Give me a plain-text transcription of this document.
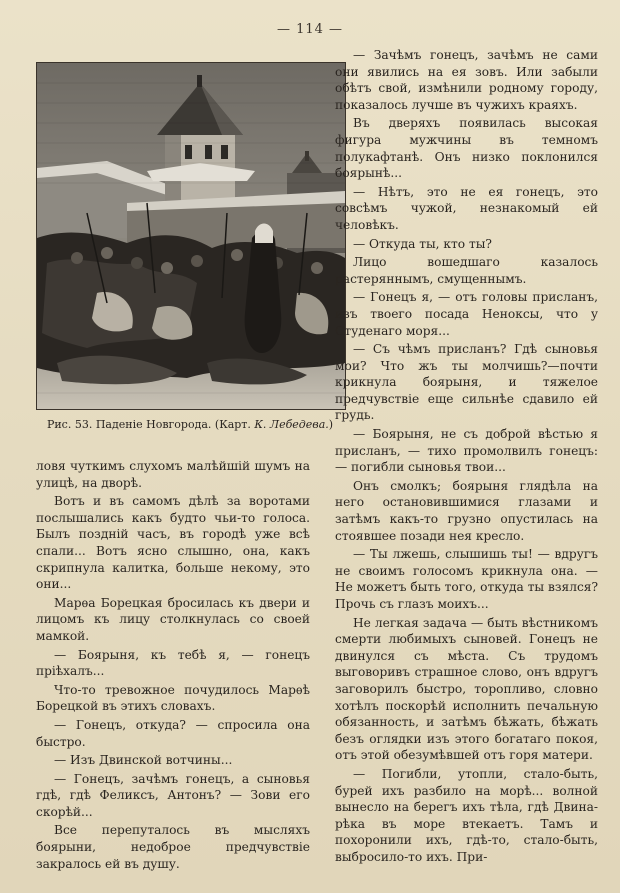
— 114 —
Рис. 53. Паденіе Новгорода. (Карт. К. Лебедева.)

— Зачѣмъ гонецъ, зачѣмъ не сами они явились на ея зовъ. Или забыли обѣтъ свой, измѣнили родному городу, показалось лучше въ чужихъ краяхъ.

Въ дверяхъ появилась высокая фигура мужчины въ темномъ полукафтанѣ. Онъ низко поклонился боярынѣ...

— Нѣтъ, это не ея гонецъ, это совсѣмъ чужой, незнакомый ей человѣкъ.

— Откуда ты, кто ты?

Лицо вошедшаго казалось растеряннымъ, смущеннымъ.

— Гонецъ я, — отъ головы присланъ, изъ твоего посада Неноксы, что у Студенаго моря...

— Съ чѣмъ присланъ? Гдѣ сыновья мои? Что жъ ты молчишь?—почти крикнула боярыня, и тяжелое предчувствіе еще сильнѣе сдавило ей грудь.

— Боярыня, не съ доброй вѣстью я присланъ, — тихо промолвилъ гонецъ: — погибли сыновья твои...

Онъ смолкъ; боярыня глядѣла на него остановившимися глазами и затѣмъ какъ-то грузно опустилась на стоявшее позади нея кресло.

— Ты лжешь, слышишь ты! — вдругъ не своимъ голосомъ крикнула она. — Не можетъ быть того, откуда ты взялся? Прочь съ глазъ моихъ...

Не легкая задача — быть вѣстникомъ смерти любимыхъ сыновей. Гонецъ не двинулся съ мѣста. Съ трудомъ выговоривъ страшное слово, онъ вдругъ заговорилъ быстро, торопливо, словно хотѣлъ поскорѣй исполнить печальную обязанность, и затѣмъ бѣжать, бѣжать безъ оглядки изъ этого богатаго покоя, отъ этой обезумѣвшей отъ горя матери.

— Погибли, утопли, стало-быть, бурей ихъ разбило на морѣ... волной вынесло на берегъ ихъ тѣла, гдѣ Двина-рѣка въ море втекаетъ. Тамъ и похоронили ихъ, гдѣ-то, стало-быть, выбросило-то ихъ. При-

ловя чуткимъ слухомъ малѣйшій шумъ на улицѣ, на дворѣ.

Вотъ и въ самомъ дѣлѣ за воротами послышались какъ будто чьи-то голоса. Былъ поздній часъ, въ городѣ уже всѣ спали... Вотъ ясно слышно, она, какъ скрипнула калитка, больше некому, это они...

Марѳа Борецкая бросилась къ двери и лицомъ къ лицу столкнулась со своей мамкой.

— Боярыня, къ тебѣ я, — гонецъ пріѣхалъ...

Что-то тревожное почудилось Марѳѣ Борецкой въ этихъ словахъ.

— Гонецъ, откуда? — спросила она быстро.

— Изъ Двинской вотчины...

— Гонецъ, зачѣмъ гонецъ, а сыновья гдѣ, гдѣ Феликсъ, Антонъ? — Зови его скорѣй...

Все перепуталось въ мысляхъ боярыни, недоброе предчувствіе закралось ей въ душу.
